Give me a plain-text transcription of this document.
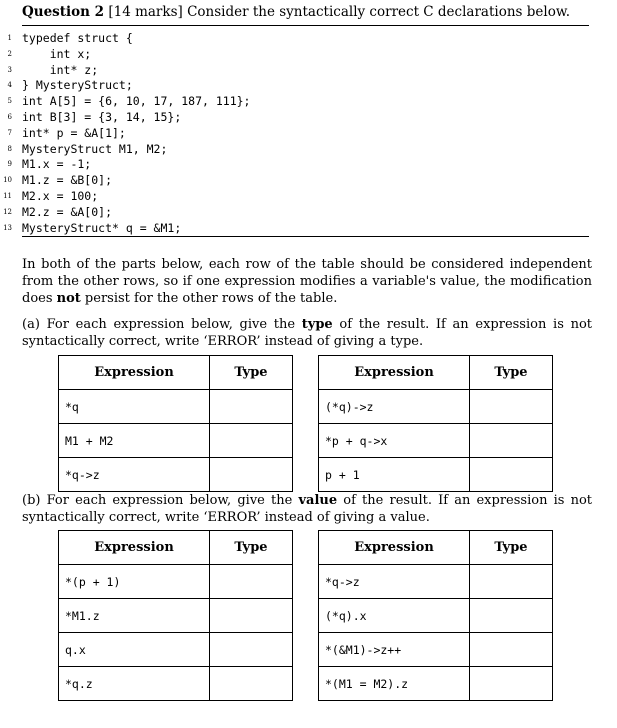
Question 2 [14 marks] Consider the syntactically correct C declarations below.
1 typedef struct {
2 int x;
3 int* z;
4 } MysteryStruct;
5 int A[5] = {6, 10, 17, 187, 111};
6 int B[3] = {3, 14, 15};
7 int* p = &A[1];
8 MysteryStruct M1, M2;
9 M1.x = -1;
10 M1.z = &B[0];
11 M2.x = 100;
12 M2.z = &A[0];
13 MysteryStruct* q = &M1;
In both of the parts below, each row of the table should be considered independent from the other rows, so if one expression modifies a variable's value, the modification does not persist for the other rows of the table.
(a) For each expression below, give the type of the result. If an expression is not syntactically correct, write ‘ERROR’ instead of giving a type.
Expression	Type
*q	
M1 + M2	
*q->z	
Expression	Type
(*q)->z	
*p + q->x	
p + 1	
(b) For each expression below, give the value of the result. If an expression is not syntactically correct, write ‘ERROR’ instead of giving a value.
Expression	Type
*(p + 1)	
*M1.z	
q.x	
*q.z	
Expression	Type
*q->z	
(*q).x	
*(&M1)->z++	
*(M1 = M2).z	
